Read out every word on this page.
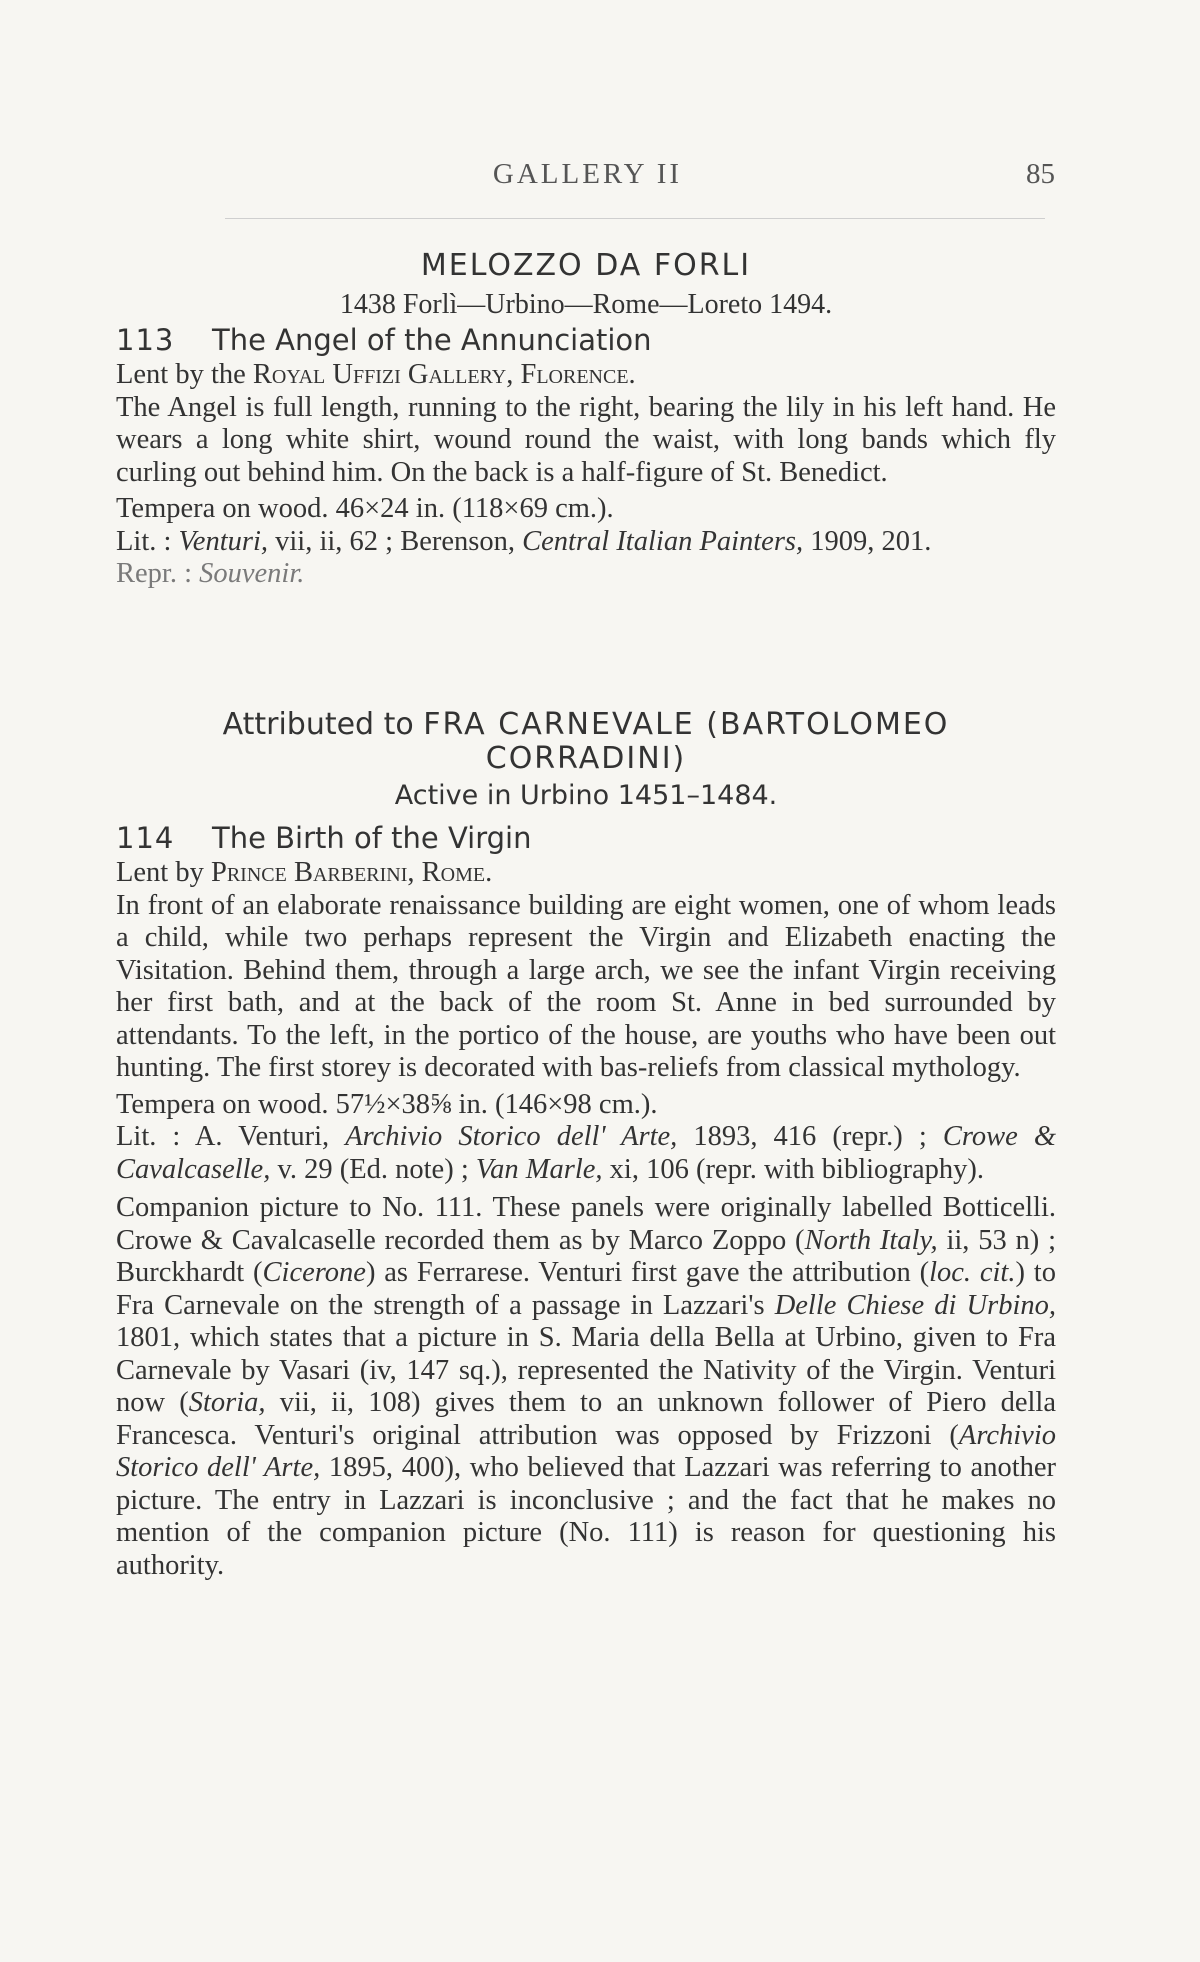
GALLERY II	85
MELOZZO DA FORLI
1438 Forlì—Urbino—Rome—Loreto 1494.
113 The Angel of the Annunciation
Lent by the Royal Uffizi Gallery, Florence.
The Angel is full length, running to the right, bearing the lily in his left hand. He wears a long white shirt, wound round the waist, with long bands which fly curling out behind him. On the back is a half-figure of St. Benedict.
Tempera on wood. 46×24 in. (118×69 cm.).
Lit. : Venturi, vii, ii, 62 ; Berenson, Central Italian Painters, 1909, 201.
Repr. : Souvenir.
Attributed to FRA CARNEVALE (BARTOLOMEO CORRADINI)
Active in Urbino 1451–1484.
114 The Birth of the Virgin
Lent by Prince Barberini, Rome.
In front of an elaborate renaissance building are eight women, one of whom leads a child, while two perhaps represent the Virgin and Elizabeth enacting the Visitation. Behind them, through a large arch, we see the infant Virgin receiving her first bath, and at the back of the room St. Anne in bed surrounded by attendants. To the left, in the portico of the house, are youths who have been out hunting. The first storey is decorated with bas-reliefs from classical mythology.
Tempera on wood. 57½×38⅝ in. (146×98 cm.).
Lit. : A. Venturi, Archivio Storico dell' Arte, 1893, 416 (repr.) ; Crowe & Cavalcaselle, v. 29 (Ed. note) ; Van Marle, xi, 106 (repr. with bibliography).
Companion picture to No. 111. These panels were originally labelled Botticelli. Crowe & Cavalcaselle recorded them as by Marco Zoppo (North Italy, ii, 53 n) ; Burckhardt (Cicerone) as Ferrarese. Venturi first gave the attribution (loc. cit.) to Fra Carnevale on the strength of a passage in Lazzari's Delle Chiese di Urbino, 1801, which states that a picture in S. Maria della Bella at Urbino, given to Fra Carnevale by Vasari (iv, 147 sq.), represented the Nativity of the Virgin. Venturi now (Storia, vii, ii, 108) gives them to an unknown follower of Piero della Francesca. Venturi's original attribution was opposed by Frizzoni (Archivio Storico dell' Arte, 1895, 400), who believed that Lazzari was referring to another picture. The entry in Lazzari is inconclusive ; and the fact that he makes no mention of the companion picture (No. 111) is reason for questioning his authority.
